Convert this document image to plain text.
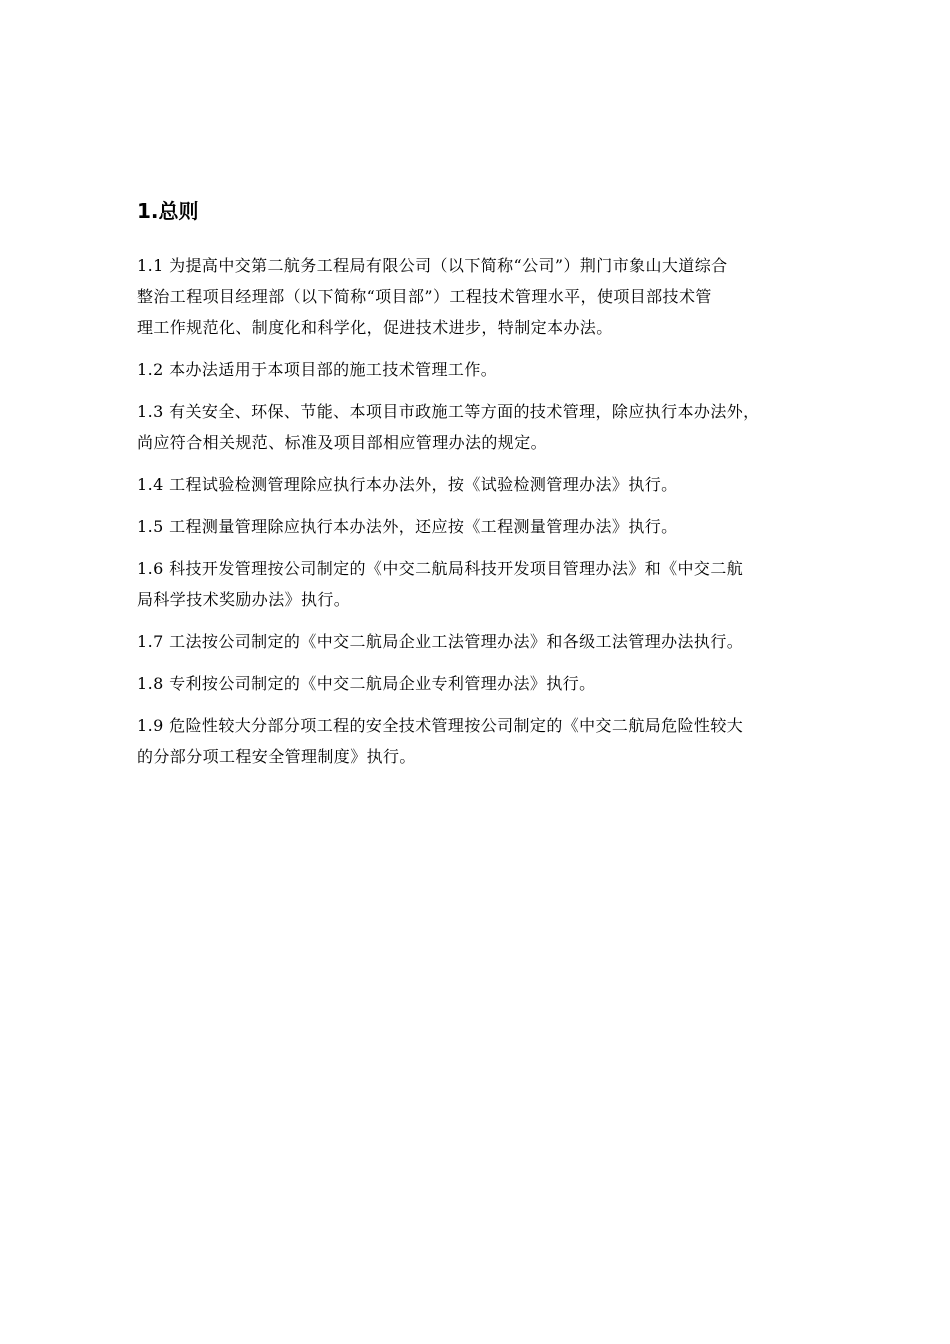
1.总则

1.1 为提高中交第二航务工程局有限公司（以下简称“公司”）荆门市象山大道综合
整治工程项目经理部（以下简称“项目部”）工程技术管理水平，使项目部技术管
理工作规范化、制度化和科学化，促进技术进步，特制定本办法。

1.2 本办法适用于本项目部的施工技术管理工作。

1.3 有关安全、环保、节能、本项目市政施工等方面的技术管理，除应执行本办法外，
尚应符合相关规范、标准及项目部相应管理办法的规定。

1.4 工程试验检测管理除应执行本办法外，按《试验检测管理办法》执行。

1.5 工程测量管理除应执行本办法外，还应按《工程测量管理办法》执行。

1.6 科技开发管理按公司制定的《中交二航局科技开发项目管理办法》和《中交二航
局科学技术奖励办法》执行。

1.7 工法按公司制定的《中交二航局企业工法管理办法》和各级工法管理办法执行。

1.8 专利按公司制定的《中交二航局企业专利管理办法》执行。

1.9 危险性较大分部分项工程的安全技术管理按公司制定的《中交二航局危险性较大
的分部分项工程安全管理制度》执行。
